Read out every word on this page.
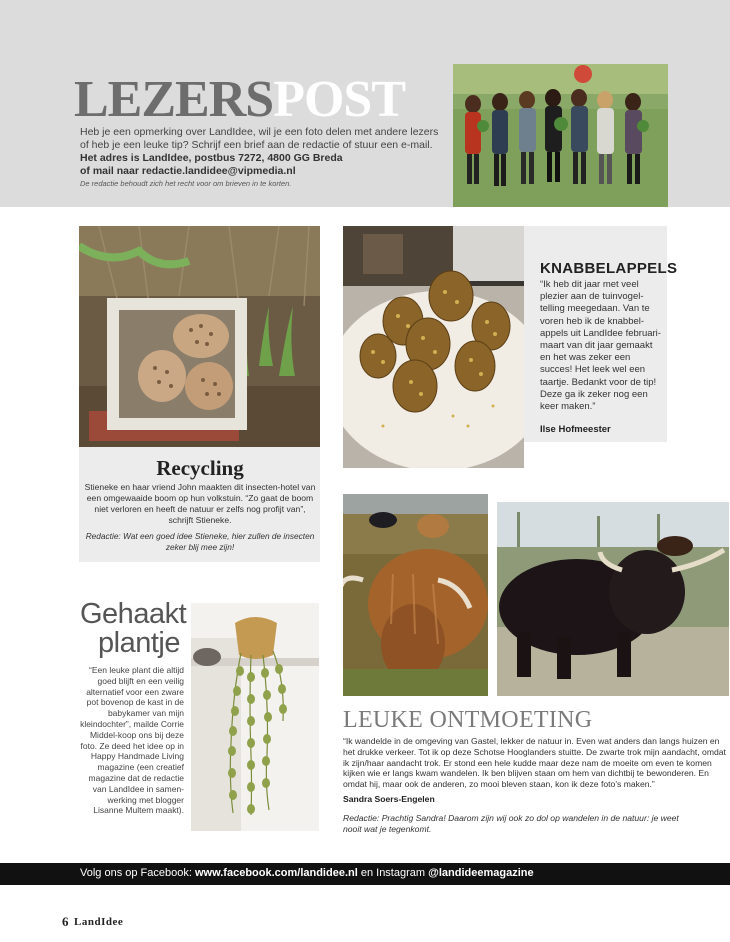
LEZERSPOST
Heb je een opmerking over LandIdee, wil je een foto delen met andere lezers of heb je een leuke tip? Schrijf een brief aan de redactie of stuur een e-mail.
Het adres is LandIdee, postbus 7272, 4800 GG Breda
of mail naar redactie.landidee@vipmedia.nl
De redactie behoudt zich het recht voor om brieven in te korten.
Recycling
Stieneke en haar vriend John maakten dit insecten-hotel van een omgewaaide boom op hun volkstuin. “Zo gaat de boom niet verloren en heeft de natuur er zelfs nog profijt van”, schrijft Stieneke.
Redactie: Wat een goed idee Stieneke, hier zullen de insecten zeker blij mee zijn!
KNABBELAPPELS
“Ik heb dit jaar met veel plezier aan de tuinvogel-telling meegedaan. Van te voren heb ik de knabbel-appels uit LandIdee februari-maart van dit jaar gemaakt en het was zeker een succes! Het leek wel een taartje. Bedankt voor de tip! Deze ga ik zeker nog een keer maken.”
Ilse Hofmeester
LEUKE ONTMOETING
“Ik wandelde in de omgeving van Gastel, lekker de natuur in. Even wat anders dan langs huizen en het drukke verkeer. Tot ik op deze Schotse Hooglanders stuitte. De zwarte trok mijn aandacht, omdat ik zijn/haar aandacht trok. Er stond een hele kudde maar deze nam de moeite om even te komen kijken wie er langs kwam wandelen. Ik ben blijven staan om hem van dichtbij te bewonderen. En omdat hij, maar ook de anderen, zo mooi bleven staan, kon ik deze foto’s maken.”
Sandra Soers-Engelen
Redactie: Prachtig Sandra! Daarom zijn wij ook zo dol op wandelen in de natuur: je weet nooit wat je tegenkomt.
Gehaakt
plantje
“Een leuke plant die altijd goed blijft en een veilig alternatief voor een zware pot bovenop de kast in de babykamer van mijn kleindochter”, mailde Corrie Middel-koop ons bij deze foto. Ze deed het idee op in Happy Handmade Living magazine (een creatief magazine dat de redactie van LandIdee in samen-werking met blogger Lisanne Multem maakt).
Volg ons op Facebook: www.facebook.com/landidee.nl en Instagram @landideemagazine
6 LandIdee
